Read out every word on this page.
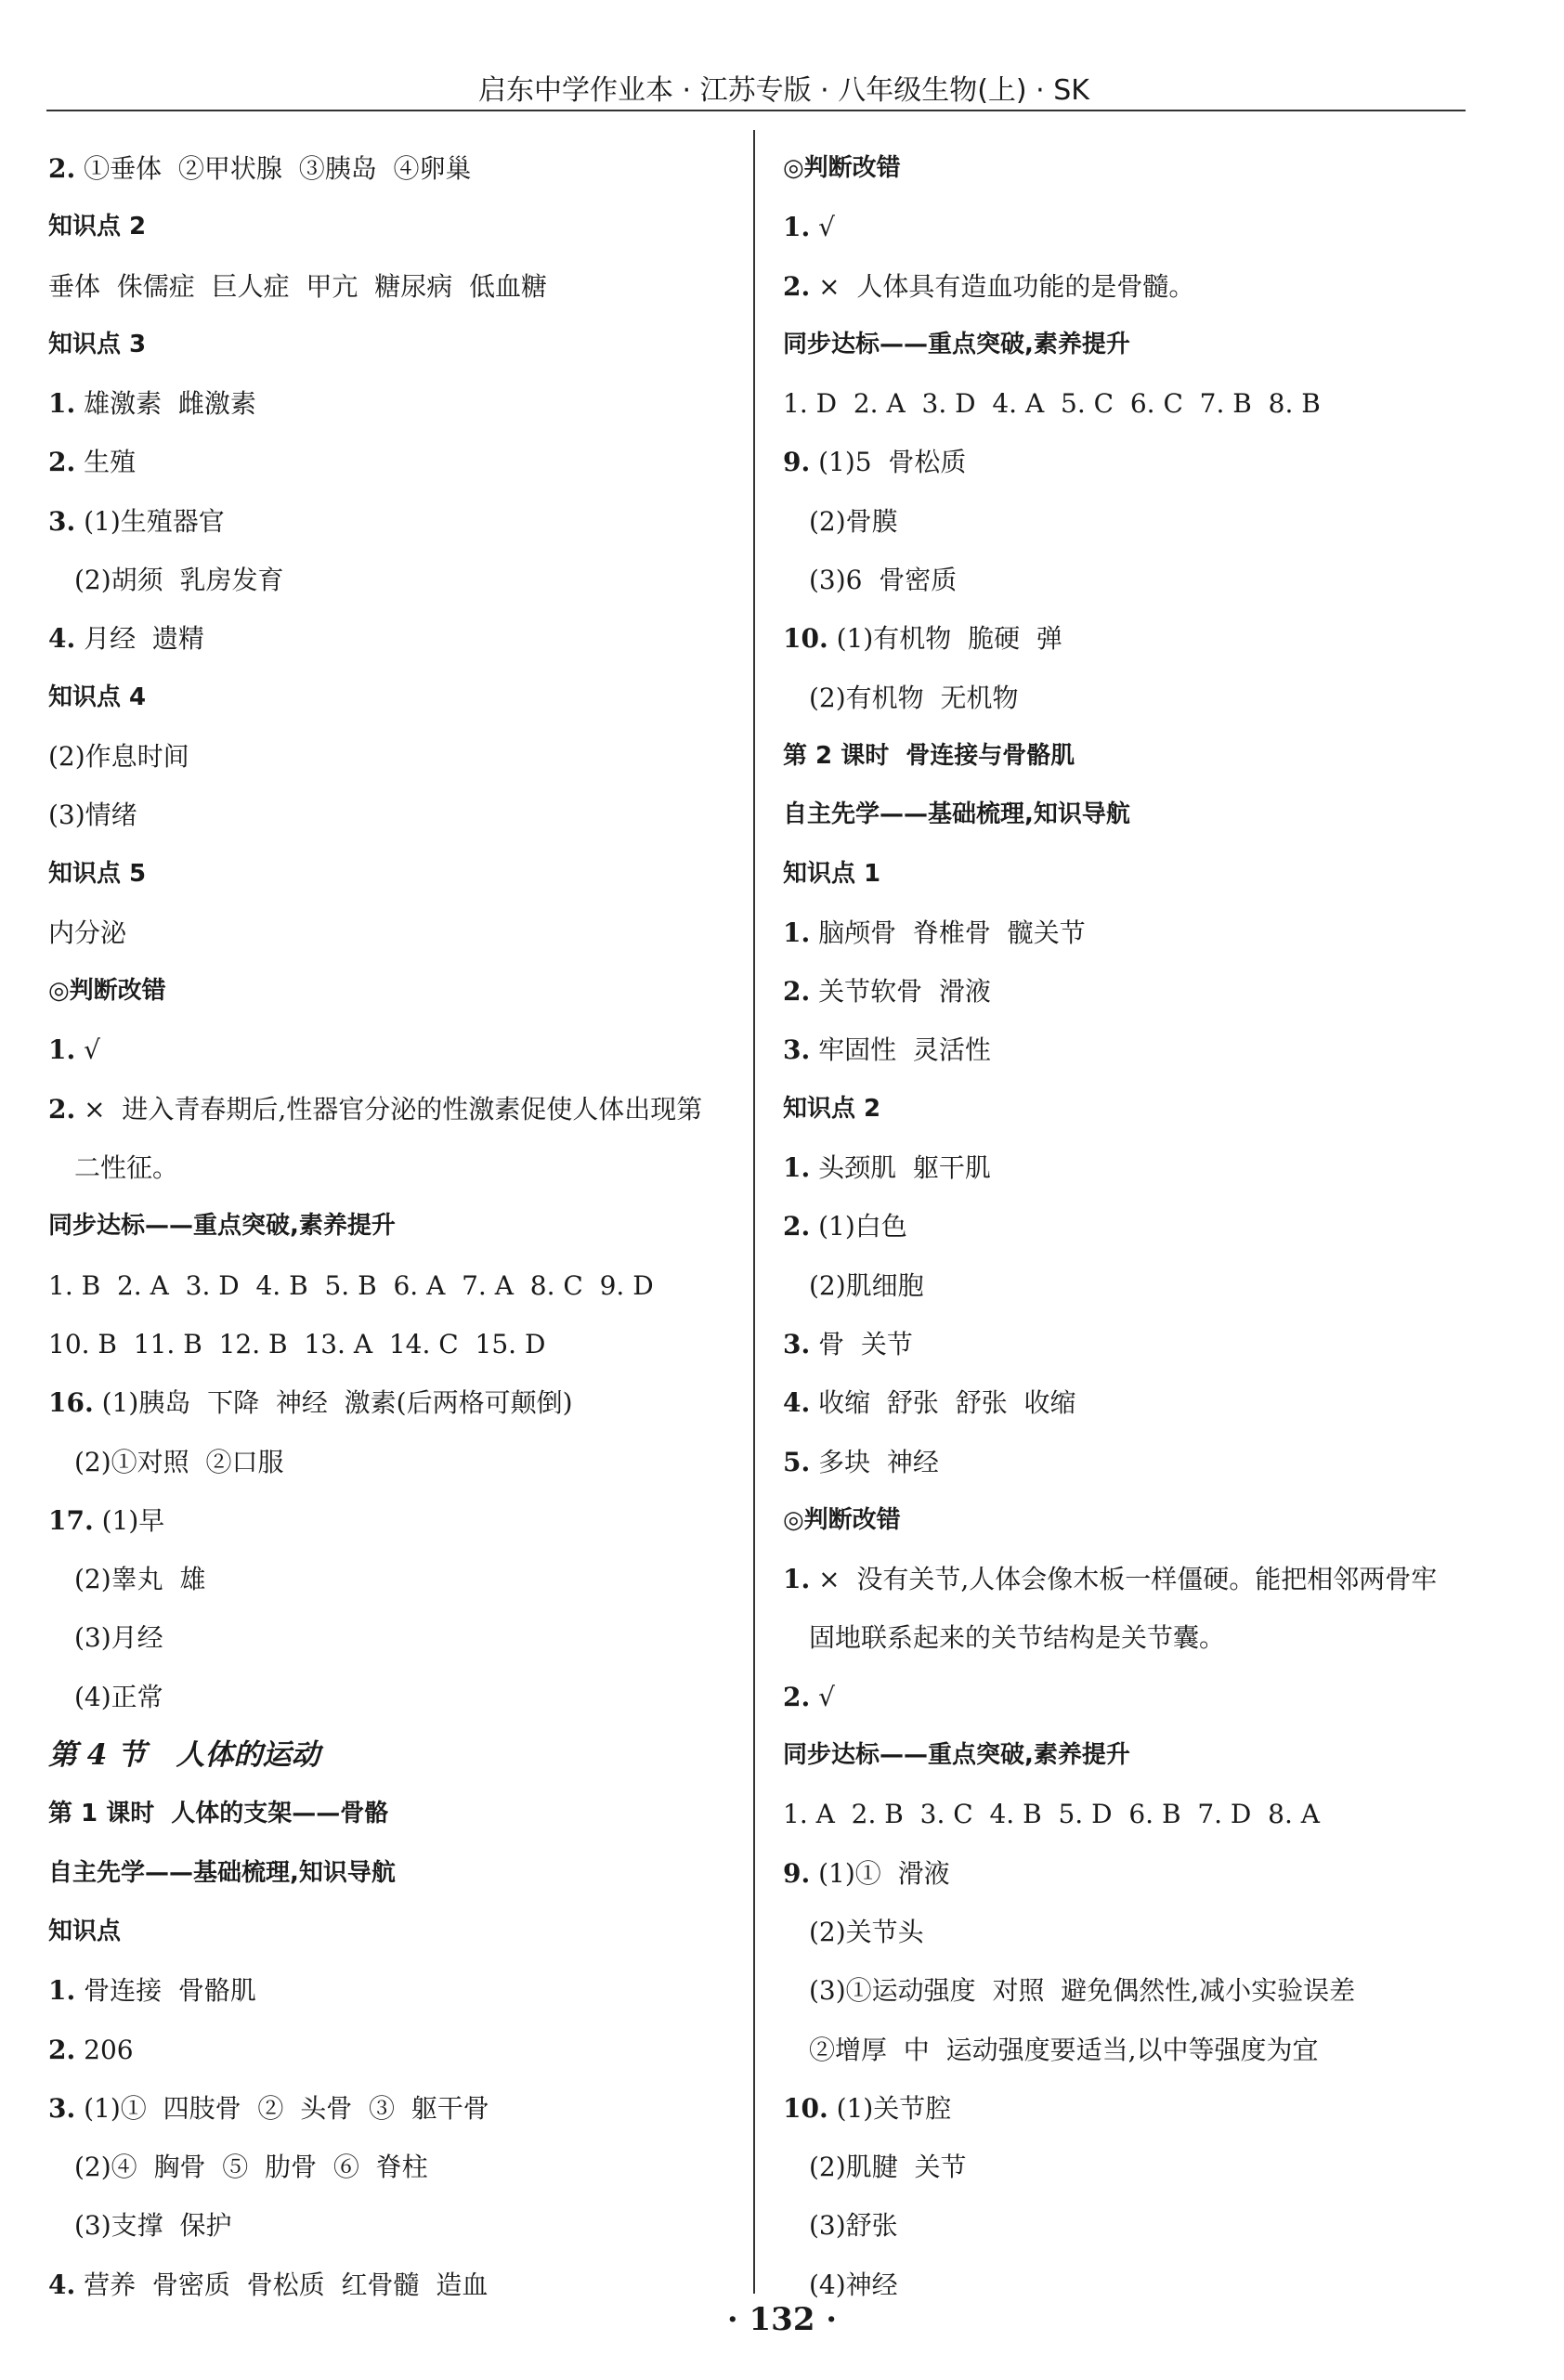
启东中学作业本 · 江苏专版 · 八年级生物(上) · SK
2. ①垂体  ②甲状腺  ③胰岛  ④卵巢
知识点 2
垂体  侏儒症  巨人症  甲亢  糖尿病  低血糖
知识点 3
1. 雄激素  雌激素
2. 生殖
3. (1)生殖器官
(2)胡须  乳房发育
4. 月经  遗精
知识点 4
(2)作息时间
(3)情绪
知识点 5
内分泌
◎判断改错
1. √
2. ×  进入青春期后,性器官分泌的性激素促使人体出现第
二性征。
同步达标——重点突破,素养提升
1. B  2. A  3. D  4. B  5. B  6. A  7. A  8. C  9. D
10. B  11. B  12. B  13. A  14. C  15. D
16. (1)胰岛  下降  神经  激素(后两格可颠倒)
(2)①对照  ②口服
17. (1)早
(2)睾丸  雄
(3)月经
(4)正常
第 4 节   人体的运动
第 1 课时  人体的支架——骨骼
自主先学——基础梳理,知识导航
知识点
1. 骨连接  骨骼肌
2. 206
3. (1)①  四肢骨  ②  头骨  ③  躯干骨
(2)④  胸骨  ⑤  肋骨  ⑥  脊柱
(3)支撑  保护
4. 营养  骨密质  骨松质  红骨髓  造血
◎判断改错
1. √
2. ×  人体具有造血功能的是骨髓。
同步达标——重点突破,素养提升
1. D  2. A  3. D  4. A  5. C  6. C  7. B  8. B
9. (1)5  骨松质
(2)骨膜
(3)6  骨密质
10. (1)有机物  脆硬  弹
(2)有机物  无机物
第 2 课时  骨连接与骨骼肌
自主先学——基础梳理,知识导航
知识点 1
1. 脑颅骨  脊椎骨  髋关节
2. 关节软骨  滑液
3. 牢固性  灵活性
知识点 2
1. 头颈肌  躯干肌
2. (1)白色
(2)肌细胞
3. 骨  关节
4. 收缩  舒张  舒张  收缩
5. 多块  神经
◎判断改错
1. ×  没有关节,人体会像木板一样僵硬。能把相邻两骨牢
固地联系起来的关节结构是关节囊。
2. √
同步达标——重点突破,素养提升
1. A  2. B  3. C  4. B  5. D  6. B  7. D  8. A
9. (1)①  滑液
(2)关节头
(3)①运动强度  对照  避免偶然性,减小实验误差
②增厚  中  运动强度要适当,以中等强度为宜
10. (1)关节腔
(2)肌腱  关节
(3)舒张
(4)神经
· 132 ·
